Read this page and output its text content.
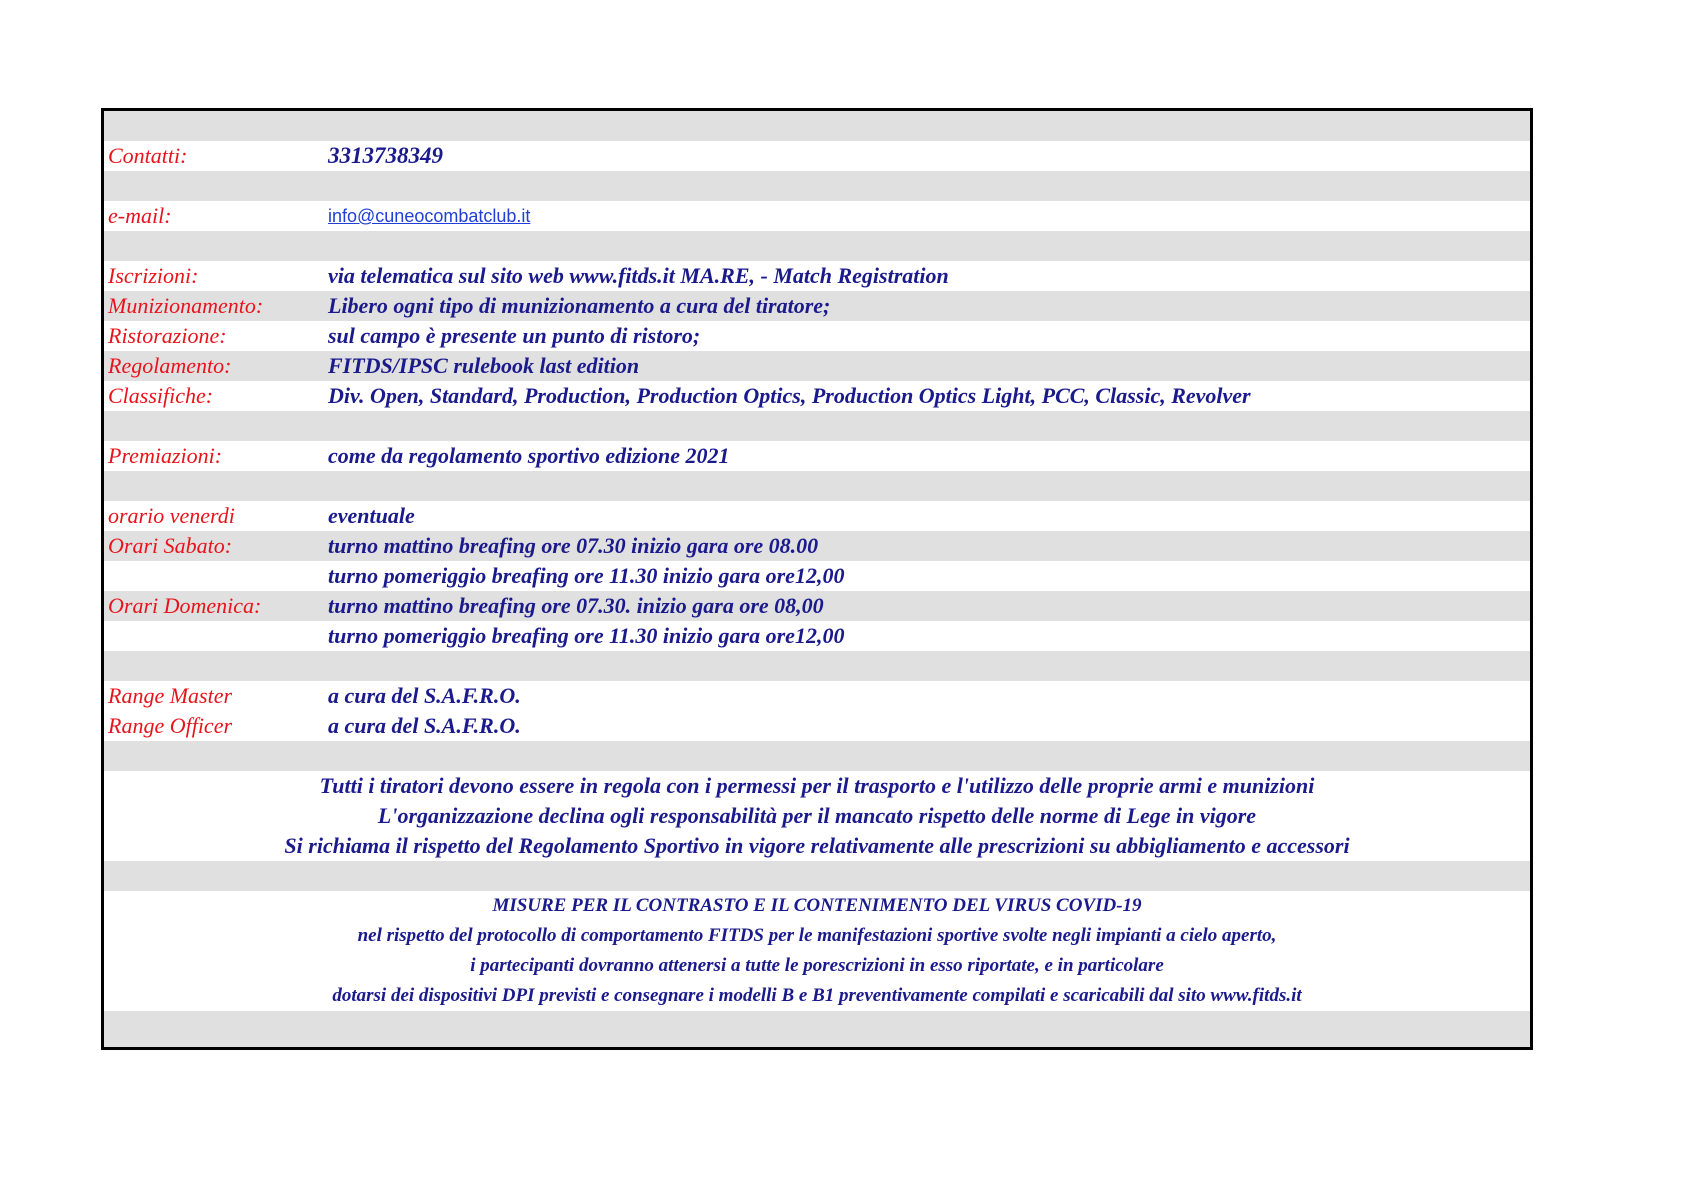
Contatti:	3313738349
e-mail:	info@cuneocombatclub.it
Iscrizioni:	via telematica sul sito web www.fitds.it MA.RE, - Match Registration
Munizionamento:	Libero ogni tipo di munizionamento a cura del tiratore;
Ristorazione:	sul campo è presente un punto di ristoro;
Regolamento:	FITDS/IPSC rulebook last edition
Classifiche:	Div. Open, Standard, Production, Production Optics, Production Optics Light, PCC, Classic, Revolver
Premiazioni:	come da regolamento sportivo edizione 2021
orario venerdi	eventuale
Orari Sabato:	turno mattino breafing ore 07.30 inizio gara ore 08.00
turno pomeriggio breafing ore 11.30 inizio gara ore12,00
Orari Domenica:	turno mattino breafing ore 07.30. inizio gara ore 08,00
turno pomeriggio breafing ore 11.30 inizio gara ore12,00
Range Master	a cura del S.A.F.R.O.
Range Officer	a cura del S.A.F.R.O.
Tutti i tiratori devono essere in regola con i permessi per il trasporto e l'utilizzo delle proprie armi e munizioni
L'organizzazione declina ogli responsabilità per il mancato rispetto delle norme di Lege in vigore
Si richiama il rispetto del Regolamento Sportivo in vigore relativamente alle prescrizioni su abbigliamento e accessori
MISURE PER IL CONTRASTO E IL CONTENIMENTO DEL VIRUS COVID-19
nel rispetto del protocollo di comportamento FITDS per le manifestazioni sportive svolte negli impianti a cielo aperto,
i partecipanti dovranno attenersi a tutte le porescrizioni in esso riportate, e in particolare
dotarsi dei dispositivi DPI previsti e consegnare i modelli B e B1 preventivamente compilati e scaricabili dal sito www.fitds.it
